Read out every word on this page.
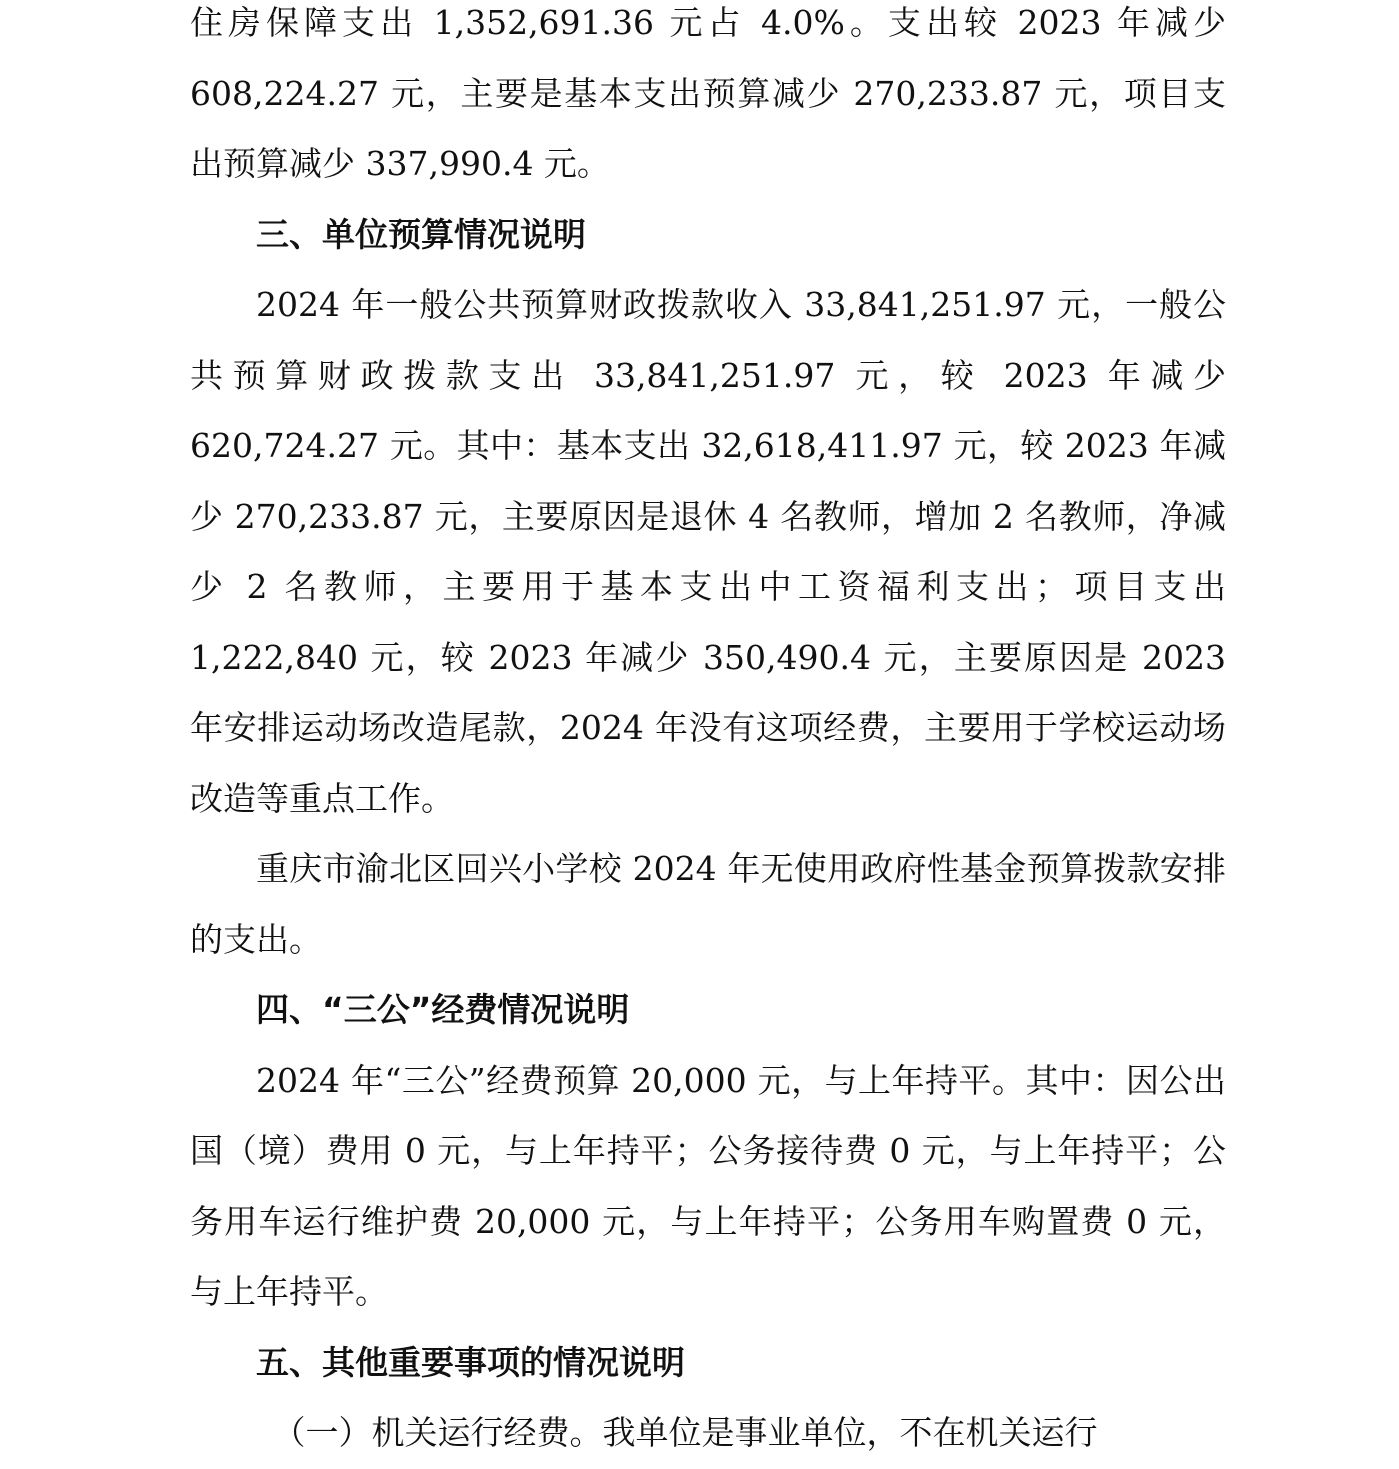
住房保障支出 1,352,691.36 元占 4.0%。支出较 2023 年减少 608,224.27 元，主要是基本支出预算减少 270,233.87 元，项目支出预算减少 337,990.4 元。

三、单位预算情况说明

2024 年一般公共预算财政拨款收入 33,841,251.97 元，一般公共预算财政拨款支出 33,841,251.97 元，较 2023 年减少 620,724.27 元。其中：基本支出 32,618,411.97 元，较 2023 年减少 270,233.87 元，主要原因是退休 4 名教师，增加 2 名教师，净减少 2 名教师，主要用于基本支出中工资福利支出；项目支出 1,222,840 元，较 2023 年减少 350,490.4 元，主要原因是 2023 年安排运动场改造尾款，2024 年没有这项经费，主要用于学校运动场改造等重点工作。

重庆市渝北区回兴小学校 2024 年无使用政府性基金预算拨款安排的支出。

四、“三公”经费情况说明

2024 年“三公”经费预算 20,000 元，与上年持平。其中：因公出国（境）费用 0 元，与上年持平；公务接待费 0 元，与上年持平；公务用车运行维护费 20,000 元，与上年持平；公务用车购置费 0 元，与上年持平。

五、其他重要事项的情况说明

（一）机关运行经费。我单位是事业单位，不在机关运行
